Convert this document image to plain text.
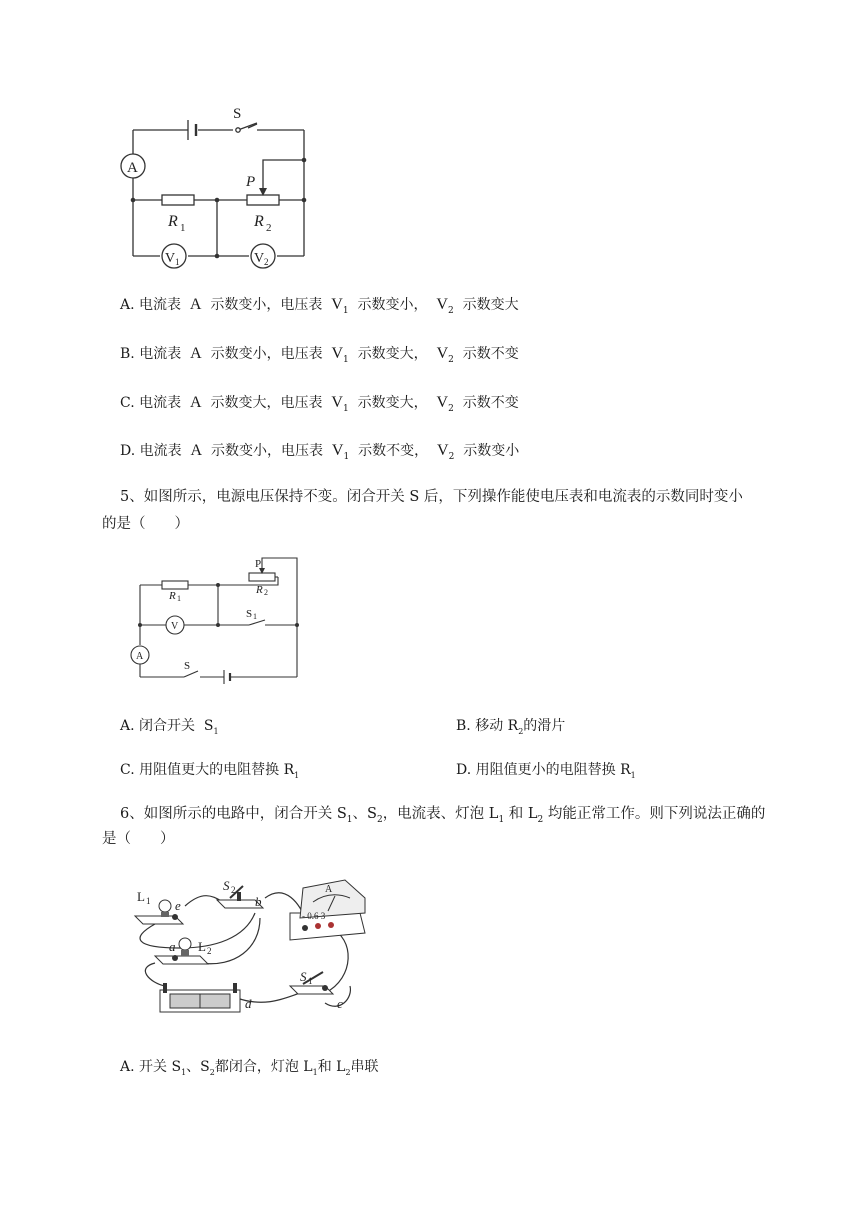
S
A
P
R 1	R 2
V 1	V 2
A. 电流表 A 示数变小，电压表 $V_1$ 示数变小， $V_2$ 示数变大
B. 电流表 A 示数变小，电压表 $V_1$ 示数变大， $V_2$ 示数不变
C. 电流表 A 示数变大，电压表 $V_1$ 示数变大， $V_2$ 示数不变
D. 电流表 A 示数变小，电压表 $V_1$ 示数不变， $V_2$ 示数变小
5、如图所示，电源电压保持不变。闭合开关 S 后，下列操作能使电压表和电流表的示数同时变小
的是（　　）
P
R 1
R 2
S 1
V
A
S
A. 闭合开关 $S_1$	B. 移动 $R_2$的滑片
C. 用阻值更大的电阻替换 $R_1$	D. 用阻值更小的电阻替换 $R_1$
6、如图所示的电路中，闭合开关 $S_1$、$S_2$，电流表、灯泡 $L_1$ 和 $L_2$ 均能正常工作。则下列说法正确的
是（　　）
L 1 e
S 2
b
a L 2
A
- 0.6 3
S 1
c
d
A. 开关 $S_1$、$S_2$都闭合，灯泡 $L_1$和 $L_2$串联
